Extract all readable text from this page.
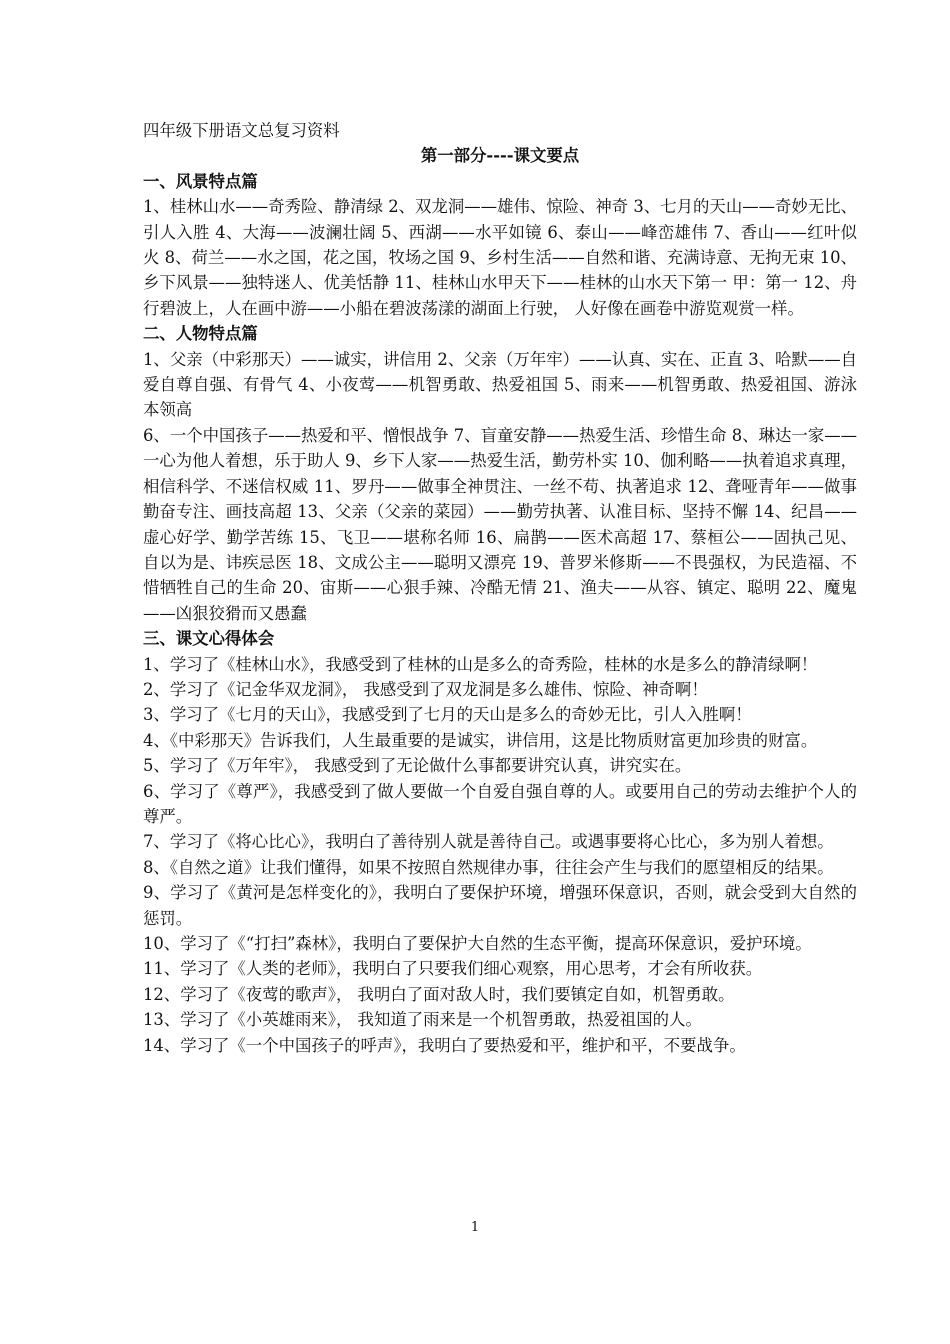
四年级下册语文总复习资料

第一部分----课文要点

一、风景特点篇

1、桂林山水——奇秀险、静清绿 2、双龙洞——雄伟、惊险、神奇 3、七月的天山——奇妙无比、引人入胜 4、大海——波澜壮阔 5、西湖——水平如镜 6、泰山——峰峦雄伟 7、香山——红叶似火 8、荷兰——水之国，花之国，牧场之国 9、乡村生活——自然和谐、充满诗意、无拘无束 10、乡下风景——独特迷人、优美恬静 11、桂林山水甲天下——桂林的山水天下第一 甲：第一 12、舟行碧波上，人在画中游——小船在碧波荡漾的湖面上行驶， 人好像在画卷中游览观赏一样。

二、人物特点篇

1、父亲（中彩那天）——诚实，讲信用 2、父亲（万年牢）——认真、实在、正直 3、哈默——自爱自尊自强、有骨气 4、小夜莺——机智勇敢、热爱祖国 5、雨来——机智勇敢、热爱祖国、游泳本领高

6、一个中国孩子——热爱和平、憎恨战争 7、盲童安静——热爱生活、珍惜生命 8、琳达一家——一心为他人着想，乐于助人 9、乡下人家——热爱生活，勤劳朴实 10、伽利略——执着追求真理，相信科学、不迷信权威 11、罗丹——做事全神贯注、一丝不苟、执著追求 12、聋哑青年——做事勤奋专注、画技高超 13、父亲（父亲的菜园）——勤劳执著、认准目标、坚持不懈 14、纪昌——虚心好学、勤学苦练 15、飞卫——堪称名师 16、扁鹊——医术高超 17、蔡桓公——固执己见、自以为是、讳疾忌医 18、文成公主——聪明又漂亮 19、普罗米修斯——不畏强权，为民造福、不惜牺牲自己的生命 20、宙斯——心狠手辣、冷酷无情 21、渔夫——从容、镇定、聪明 22、魔鬼——凶狠狡猾而又愚蠢

三、课文心得体会

1、学习了《桂林山水》，我感受到了桂林的山是多么的奇秀险，桂林的水是多么的静清绿啊！

2、学习了《记金华双龙洞》， 我感受到了双龙洞是多么雄伟、惊险、神奇啊！

3、学习了《七月的天山》，我感受到了七月的天山是多么的奇妙无比，引人入胜啊！

4、《中彩那天》告诉我们，人生最重要的是诚实，讲信用，这是比物质财富更加珍贵的财富。

5、学习了《万年牢》， 我感受到了无论做什么事都要讲究认真，讲究实在。

6、学习了《尊严》，我感受到了做人要做一个自爱自强自尊的人。或要用自己的劳动去维护个人的尊严。

7、学习了《将心比心》，我明白了善待别人就是善待自己。或遇事要将心比心，多为别人着想。

8、《自然之道》让我们懂得，如果不按照自然规律办事，往往会产生与我们的愿望相反的结果。

9、学习了《黄河是怎样变化的》，我明白了要保护环境，增强环保意识，否则，就会受到大自然的惩罚。

10、学习了《“打扫”森林》，我明白了要保护大自然的生态平衡，提高环保意识，爱护环境。

11、学习了《人类的老师》，我明白了只要我们细心观察，用心思考，才会有所收获。

12、学习了《夜莺的歌声》， 我明白了面对敌人时，我们要镇定自如，机智勇敢。

13、学习了《小英雄雨来》， 我知道了雨来是一个机智勇敢，热爱祖国的人。

14、学习了《一个中国孩子的呼声》，我明白了要热爱和平，维护和平，不要战争。

1
